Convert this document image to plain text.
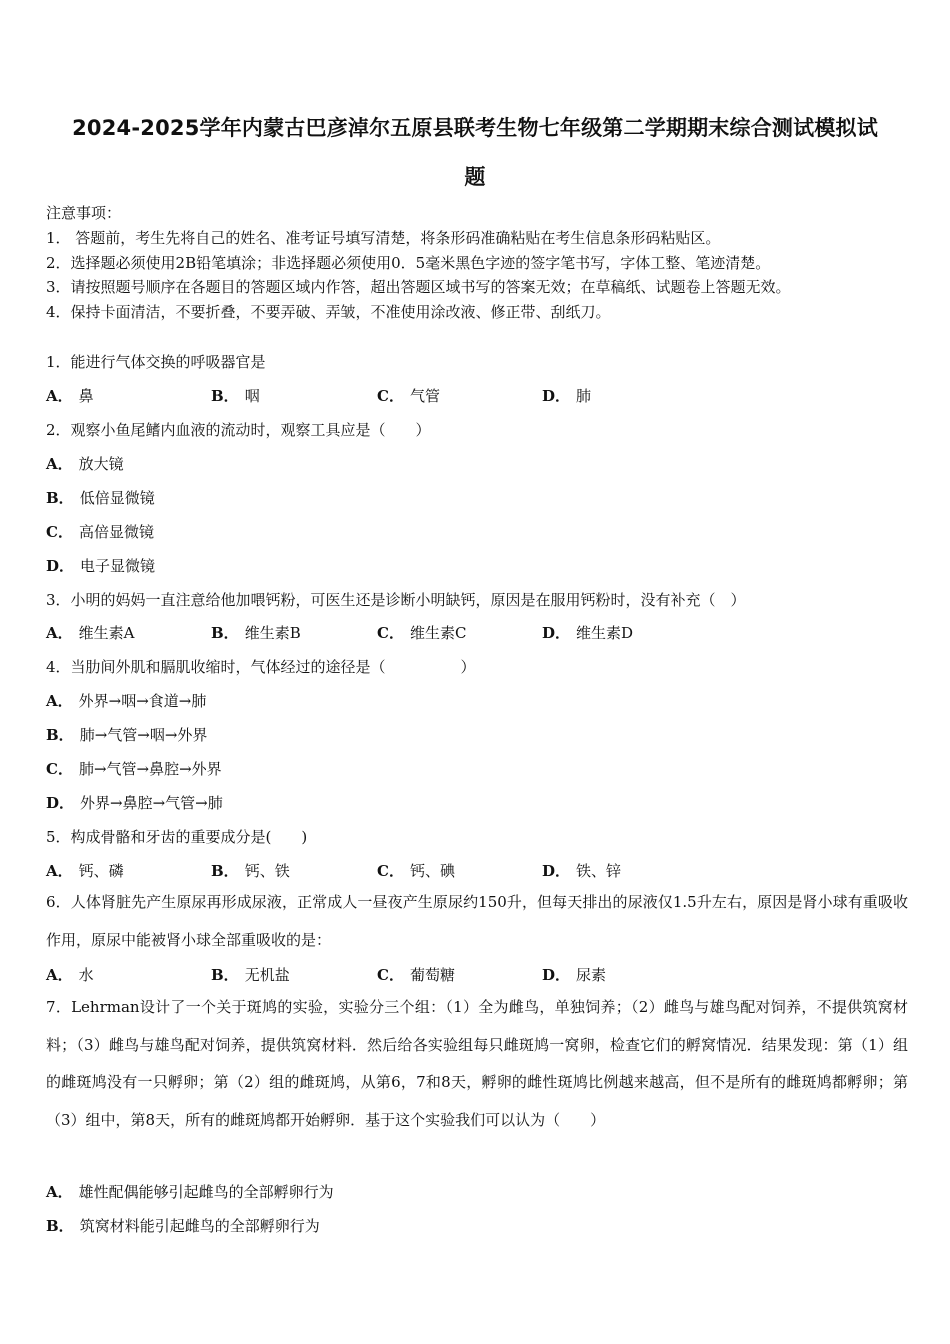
2024-2025学年内蒙古巴彦淖尔五原县联考生物七年级第二学期期末综合测试模拟试
题
注意事项：
1． 答题前，考生先将自己的姓名、准考证号填写清楚，将条形码准确粘贴在考生信息条形码粘贴区。
2．选择题必须使用2B铅笔填涂；非选择题必须使用0．5毫米黑色字迹的签字笔书写，字体工整、笔迹清楚。
3．请按照题号顺序在各题目的答题区域内作答，超出答题区域书写的答案无效；在草稿纸、试题卷上答题无效。
4．保持卡面清洁，不要折叠，不要弄破、弄皱，不准使用涂改液、修正带、刮纸刀。
1．能进行气体交换的呼吸器官是
A． 鼻	B． 咽	C． 气管	D． 肺
2．观察小鱼尾鳍内血液的流动时，观察工具应是（　　）
A． 放大镜
B． 低倍显微镜
C． 高倍显微镜
D． 电子显微镜
3．小明的妈妈一直注意给他加喂钙粉，可医生还是诊断小明缺钙，原因是在服用钙粉时，没有补充（　）
A． 维生素A	B． 维生素B	C． 维生素C	D． 维生素D
4．当肋间外肌和膈肌收缩时，气体经过的途径是（　　　　　）
A． 外界→咽→食道→肺
B． 肺→气管→咽→外界
C． 肺→气管→鼻腔→外界
D． 外界→鼻腔→气管→肺
5．构成骨骼和牙齿的重要成分是(　　)
A． 钙、磷	B． 钙、铁	C． 钙、碘	D． 铁、锌
6．人体肾脏先产生原尿再形成尿液，正常成人一昼夜产生原尿约150升，但每天排出的尿液仅1.5升左右，原因是肾小球有重吸收作用，原尿中能被肾小球全部重吸收的是：
A． 水	B． 无机盐	C． 葡萄糖	D． 尿素
7．Lehrman设计了一个关于斑鸠的实验，实验分三个组：（1）全为雌鸟，单独饲养；（2）雌鸟与雄鸟配对饲养，不提供筑窝材料；（3）雌鸟与雄鸟配对饲养，提供筑窝材料．然后给各实验组每只雌斑鸠一窝卵，检查它们的孵窝情况．结果发现：第（1）组的雌斑鸠没有一只孵卵；第（2）组的雌斑鸠，从第6，7和8天，孵卵的雌性斑鸠比例越来越高，但不是所有的雌斑鸠都孵卵；第（3）组中，第8天，所有的雌斑鸠都开始孵卵．基于这个实验我们可以认为（　　）
A． 雄性配偶能够引起雌鸟的全部孵卵行为
B． 筑窝材料能引起雌鸟的全部孵卵行为
